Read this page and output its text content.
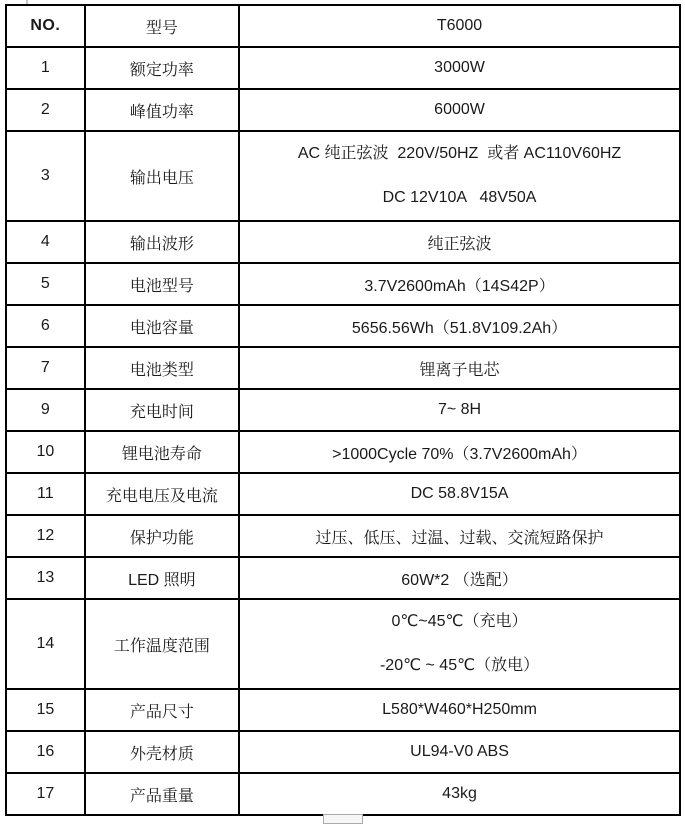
NO.	型号	T6000
1	额定功率	3000W

2	峰值功率	6000W

3	输出电压	AC 纯正弦波  220V/50HZ  或者 AC110V60HZ
DC 12V10A   48V50A

4	输出波形	纯正弦波

5	电池型号	3.7V2600mAh（14S42P）

6	电池容量	5656.56Wh（51.8V109.2Ah）

7	电池类型	锂离子电芯

9	充电时间	7~ 8H

10	锂电池寿命	>1000Cycle 70%（3.7V2600mAh）

11	充电电压及电流	DC 58.8V15A

12	保护功能	过压、低压、过温、过载、交流短路保护

13	LED 照明	60W*2 （选配）

14	工作温度范围	0℃~45℃（充电）
-20℃ ~ 45℃（放电）

15	产品尺寸	L580*W460*H250mm

16	外壳材质	UL94-V0 ABS

17	产品重量	43kg
